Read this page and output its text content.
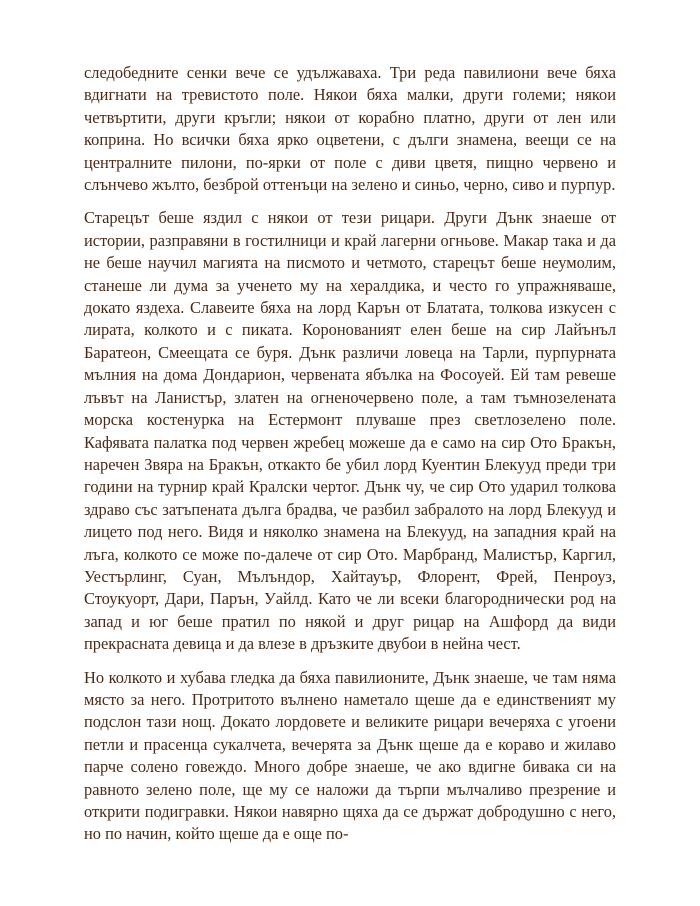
следобедните сенки вече се удължаваха. Три реда павилиони вече бяха вдигнати на тревистото поле. Някои бяха малки, други големи; някои четвъртити, други кръгли; някои от корабно платно, други от лен или коприна. Но всички бяха ярко оцветени, с дълги знамена, веещи се на централните пилони, по-ярки от поле с диви цветя, пищно червено и слънчево жълто, безброй оттенъци на зелено и синьо, черно, сиво и пурпур.

Старецът беше яздил с някои от тези рицари. Други Дънк знаеше от истории, разправяни в гостилници и край лагерни огньове. Макар така и да не беше научил магията на писмото и четмото, старецът беше неумолим, станеше ли дума за ученето му на хералдика, и често го упражняваше, докато яздеха. Славеите бяха на лорд Карън от Блатата, толкова изкусен с лирата, колкото и с пиката. Коронованият елен беше на сир Лайънъл Баратеон, Смеещата се буря. Дънк различи ловеца на Тарли, пурпурната мълния на дома Дондарион, червената ябълка на Фосоуей. Ей там ревеше лъвът на Ланистър, златен на огненочервено поле, а там тъмнозелената морска костенурка на Естермонт плуваше през светлозелено поле. Кафявата палатка под червен жребец можеше да е само на сир Ото Бракън, наречен Звяра на Бракън, откакто бе убил лорд Куентин Блекууд преди три години на турнир край Кралски чертог. Дънк чу, че сир Ото ударил толкова здраво със затъпената дълга брадва, че разбил забралото на лорд Блекууд и лицето под него. Видя и няколко знамена на Блекууд, на западния край на лъга, колкото се може по-далече от сир Ото. Марбранд, Малистър, Каргил, Уестърлинг, Суан, Мълъндор, Хайтауър, Флорент, Фрей, Пенроуз, Стоукуорт, Дари, Парън, Уайлд. Като че ли всеки благороднически род на запад и юг беше пратил по някой и друг рицар на Ашфорд да види прекрасната девица и да влезе в дръзките двубои в нейна чест.

Но колкото и хубава гледка да бяха павилионите, Дънк знаеше, че там няма място за него. Протритото вълнено наметало щеше да е единственият му подслон тази нощ. Докато лордовете и великите рицари вечеряха с угоени петли и прасенца сукалчета, вечерята за Дънк щеше да е кораво и жилаво парче солено говеждо. Много добре знаеше, че ако вдигне бивака си на равното зелено поле, ще му се наложи да търпи мълчаливо презрение и открити подигравки. Някои навярно щяха да се държат добродушно с него, но по начин, който щеше да е още по-
